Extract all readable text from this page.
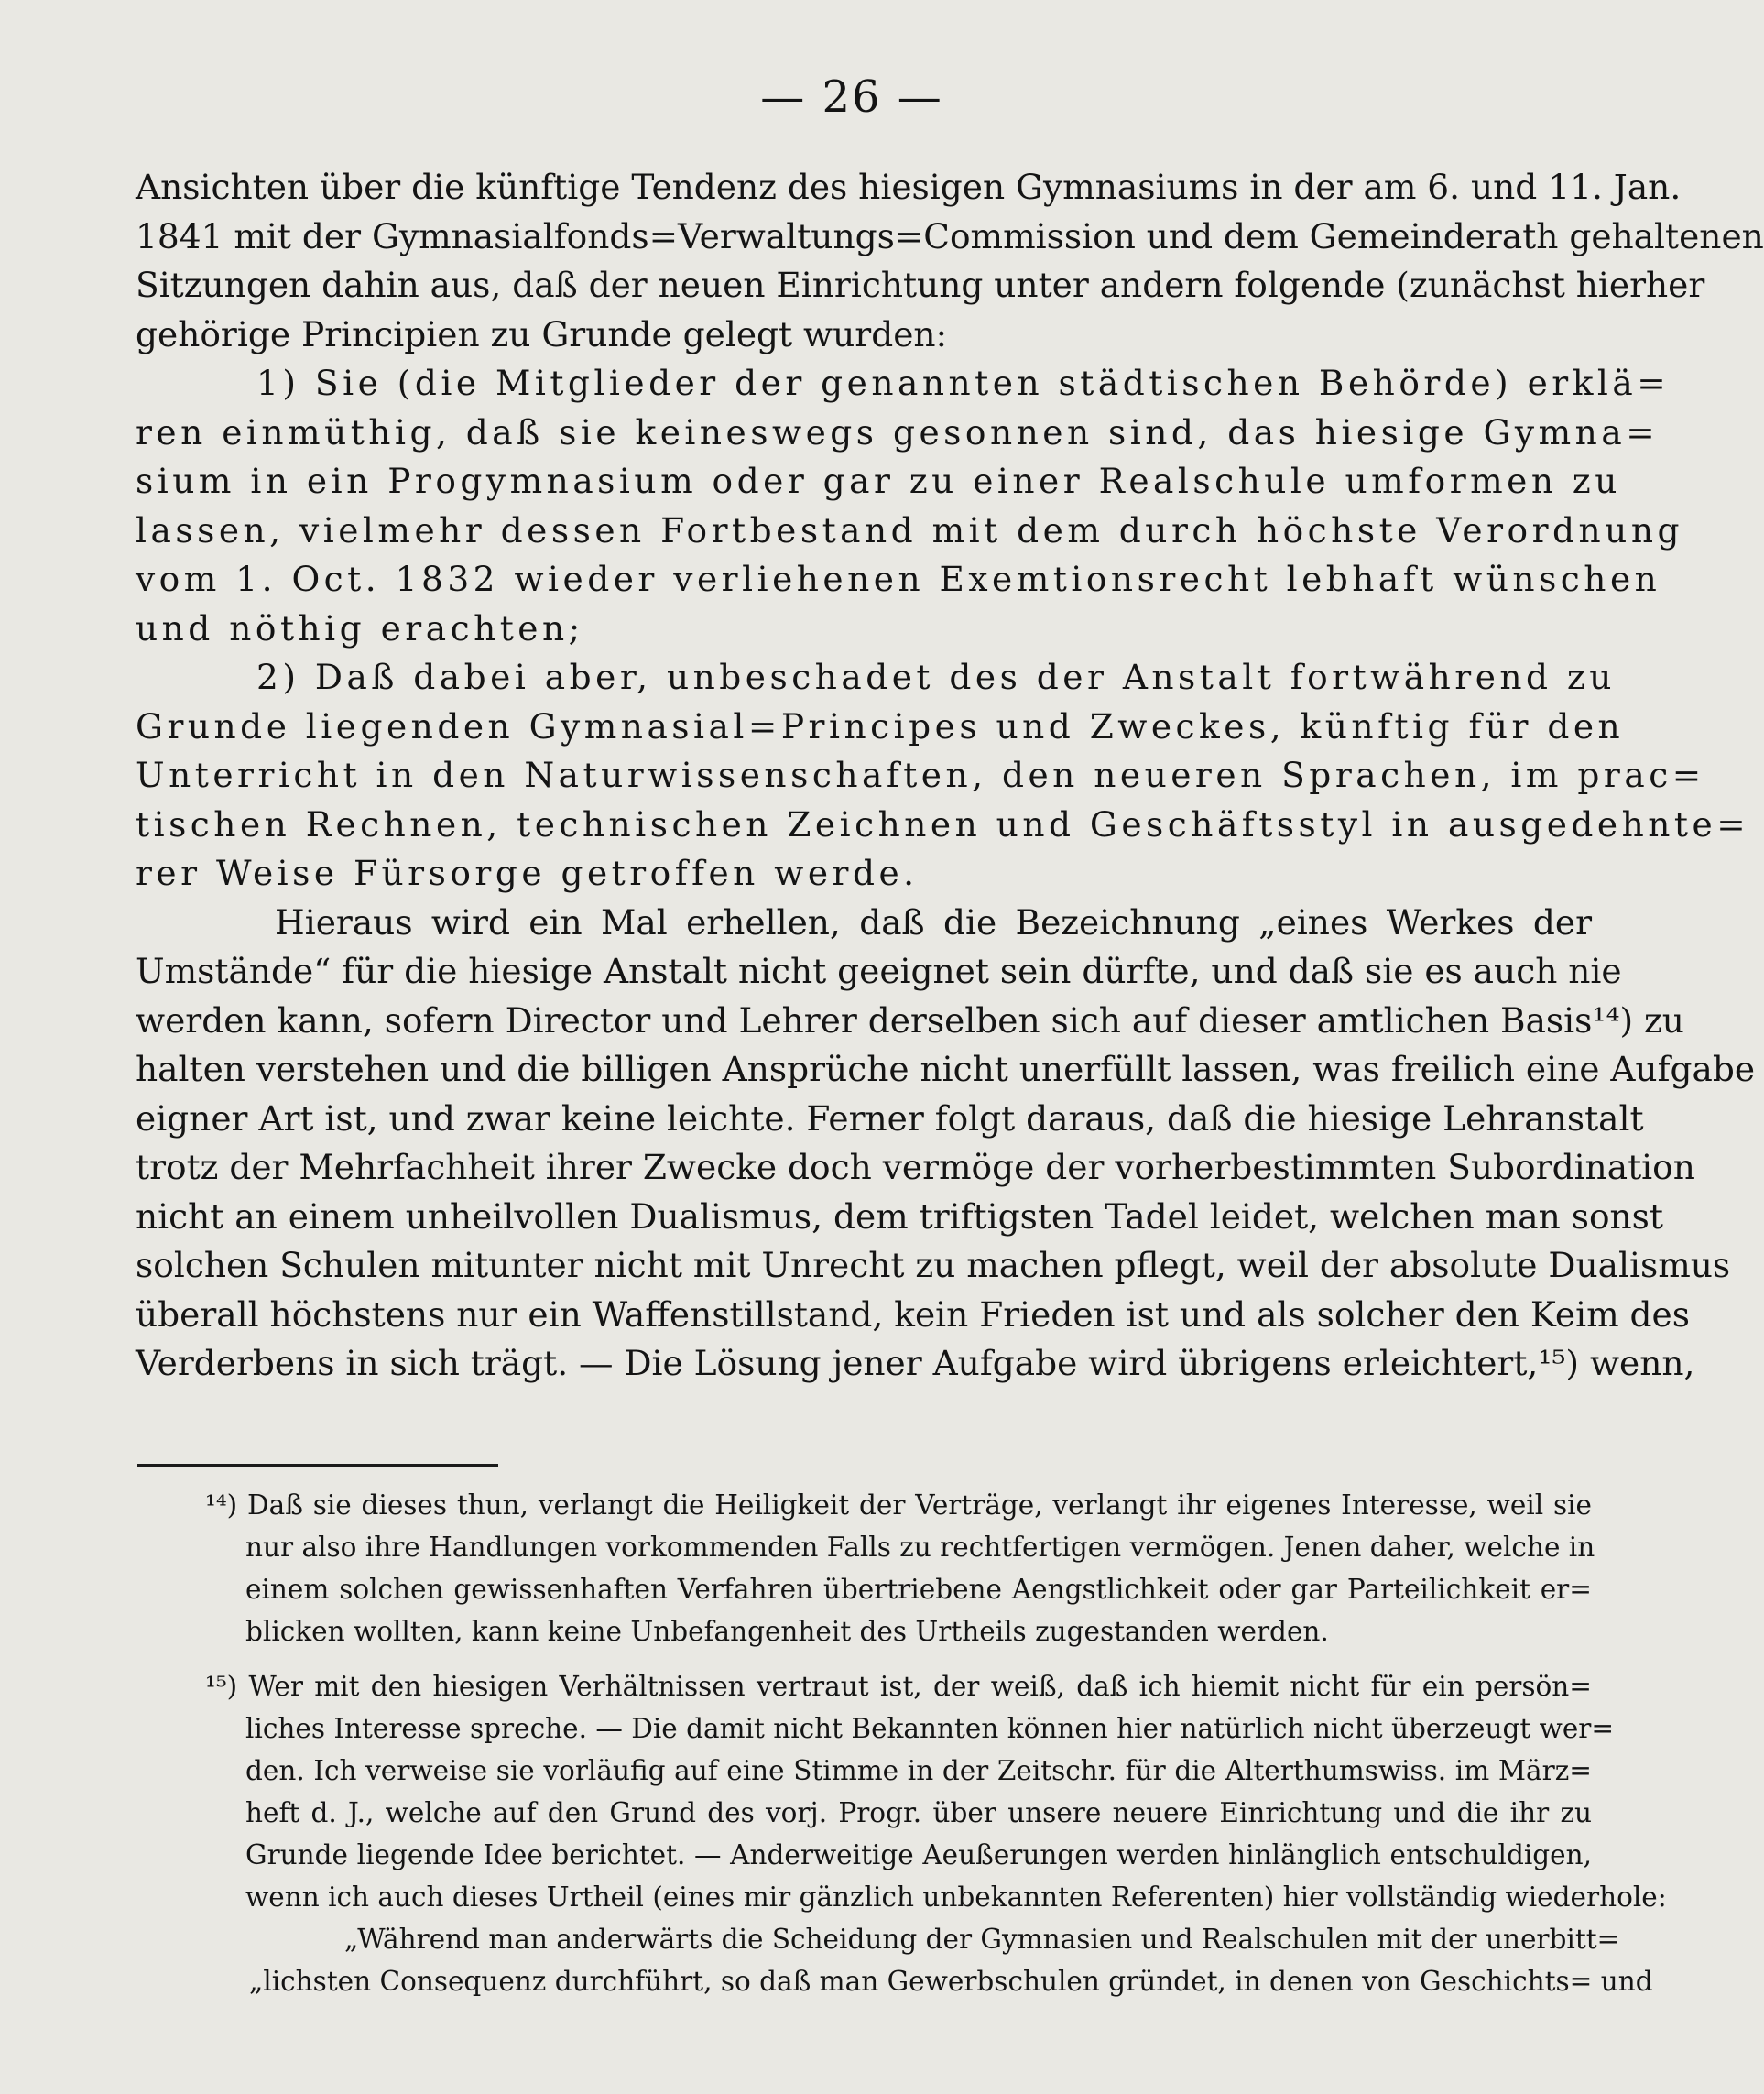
— 26 —
Ansichten über die künftige Tendenz des hiesigen Gymnasiums in der am 6. und 11. Jan.
1841 mit der Gymnasialfonds=Verwaltungs=Commission und dem Gemeinderath gehaltenen
Sitzungen dahin aus, daß der neuen Einrichtung unter andern folgende (zunächst hierher
gehörige Principien zu Grunde gelegt wurden:
1) Sie (die Mitglieder der genannten städtischen Behörde) erklä=
ren einmüthig, daß sie keineswegs gesonnen sind, das hiesige Gymna=
sium in ein Progymnasium oder gar zu einer Realschule umformen zu
lassen, vielmehr dessen Fortbestand mit dem durch höchste Verordnung
vom 1. Oct. 1832 wieder verliehenen Exemtionsrecht lebhaft wünschen
und nöthig erachten;
2) Daß dabei aber, unbeschadet des der Anstalt fortwährend zu
Grunde liegenden Gymnasial=Principes und Zweckes, künftig für den
Unterricht in den Naturwissenschaften, den neueren Sprachen, im prac=
tischen Rechnen, technischen Zeichnen und Geschäftsstyl in ausgedehnte=
rer Weise Fürsorge getroffen werde.
Hieraus wird ein Mal erhellen, daß die Bezeichnung „eines Werkes der
Umstände“ für die hiesige Anstalt nicht geeignet sein dürfte, und daß sie es auch nie
werden kann, sofern Director und Lehrer derselben sich auf dieser amtlichen Basis¹⁴) zu
halten verstehen und die billigen Ansprüche nicht unerfüllt lassen, was freilich eine Aufgabe
eigner Art ist, und zwar keine leichte. Ferner folgt daraus, daß die hiesige Lehranstalt
trotz der Mehrfachheit ihrer Zwecke doch vermöge der vorherbestimmten Subordination
nicht an einem unheilvollen Dualismus, dem triftigsten Tadel leidet, welchen man sonst
solchen Schulen mitunter nicht mit Unrecht zu machen pflegt, weil der absolute Dualismus
überall höchstens nur ein Waffenstillstand, kein Frieden ist und als solcher den Keim des
Verderbens in sich trägt. — Die Lösung jener Aufgabe wird übrigens erleichtert,¹⁵) wenn,
¹⁴) Daß sie dieses thun, verlangt die Heiligkeit der Verträge, verlangt ihr eigenes Interesse, weil sie
nur also ihre Handlungen vorkommenden Falls zu rechtfertigen vermögen. Jenen daher, welche in
einem solchen gewissenhaften Verfahren übertriebene Aengstlichkeit oder gar Parteilichkeit er=
blicken wollten, kann keine Unbefangenheit des Urtheils zugestanden werden.
¹⁵) Wer mit den hiesigen Verhältnissen vertraut ist, der weiß, daß ich hiemit nicht für ein persön=
liches Interesse spreche. — Die damit nicht Bekannten können hier natürlich nicht überzeugt wer=
den. Ich verweise sie vorläufig auf eine Stimme in der Zeitschr. für die Alterthumswiss. im März=
heft d. J., welche auf den Grund des vorj. Progr. über unsere neuere Einrichtung und die ihr zu
Grunde liegende Idee berichtet. — Anderweitige Aeußerungen werden hinlänglich entschuldigen,
wenn ich auch dieses Urtheil (eines mir gänzlich unbekannten Referenten) hier vollständig wiederhole:
„Während man anderwärts die Scheidung der Gymnasien und Realschulen mit der unerbitt=
„lichsten Consequenz durchführt, so daß man Gewerbschulen gründet, in denen von Geschichts= und
